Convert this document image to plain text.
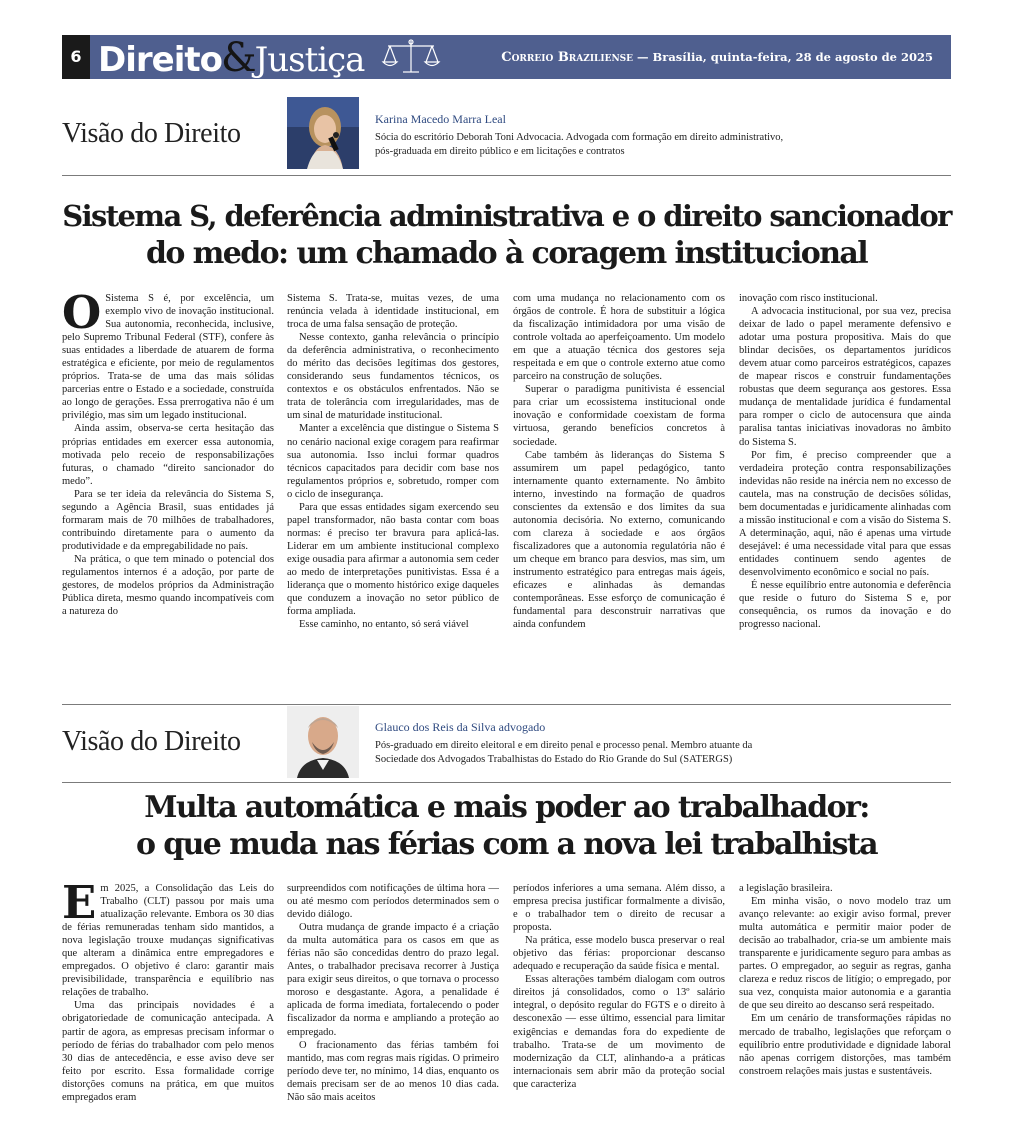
6 Direito&Justiça	Correio Braziliense — Brasília, quinta-feira, 28 de agosto de 2025
Visão do Direito	Karina Macedo Marra Leal
Sócia do escritório Deborah Toni Advocacia. Advogada com formação em direito administrativo, pós-graduada em direito público e em licitações e contratos
Sistema S, deferência administrativa e o direito sancionador
do medo: um chamado à coragem institucional
O Sistema S é, por excelência, um exemplo vivo de inovação institucional. Sua autonomia, reconhecida, inclusive, pelo Supremo Tribunal Federal (STF), confere às suas entidades a liberdade de atuarem de forma estratégica e eficiente, por meio de regulamentos próprios. Trata-se de uma das mais sólidas parcerias entre o Estado e a sociedade, construída ao longo de gerações. Essa prerrogativa não é um privilégio, mas sim um legado institucional.

Ainda assim, observa-se certa hesitação das próprias entidades em exercer essa autonomia, motivada pelo receio de responsabilizações futuras, o chamado “direito sancionador do medo”.

Para se ter ideia da relevância do Sistema S, segundo a Agência Brasil, suas entidades já formaram mais de 70 milhões de trabalhadores, contribuindo diretamente para o aumento da produtividade e da empregabilidade no país.

Na prática, o que tem minado o potencial dos regulamentos internos é a adoção, por parte de gestores, de modelos próprios da Administração Pública direta, mesmo quando incompatíveis com a natureza do

Sistema S. Trata-se, muitas vezes, de uma renúncia velada à identidade institucional, em troca de uma falsa sensação de proteção.

Nesse contexto, ganha relevância o princípio da deferência administrativa, o reconhecimento do mérito das decisões legítimas dos gestores, considerando seus fundamentos técnicos, os contextos e os obstáculos enfrentados. Não se trata de tolerância com irregularidades, mas de um sinal de maturidade institucional.

Manter a excelência que distingue o Sistema S no cenário nacional exige coragem para reafirmar sua autonomia. Isso inclui formar quadros técnicos capacitados para decidir com base nos regulamentos próprios e, sobretudo, romper com o ciclo de insegurança.

Para que essas entidades sigam exercendo seu papel transformador, não basta contar com boas normas: é preciso ter bravura para aplicá-las. Liderar em um ambiente institucional complexo exige ousadia para afirmar a autonomia sem ceder ao medo de interpretações punitivistas. Essa é a liderança que o momento histórico exige daqueles que conduzem a inovação no setor público de forma ampliada.

Esse caminho, no entanto, só será viável

com uma mudança no relacionamento com os órgãos de controle. É hora de substituir a lógica da fiscalização intimidadora por uma visão de controle voltada ao aperfeiçoamento. Um modelo em que a atuação técnica dos gestores seja respeitada e em que o controle externo atue como parceiro na construção de soluções.

Superar o paradigma punitivista é essencial para criar um ecossistema institucional onde inovação e conformidade coexistam de forma virtuosa, gerando benefícios concretos à sociedade.

Cabe também às lideranças do Sistema S assumirem um papel pedagógico, tanto internamente quanto externamente. No âmbito interno, investindo na formação de quadros conscientes da extensão e dos limites da sua autonomia decisória. No externo, comunicando com clareza à sociedade e aos órgãos fiscalizadores que a autonomia regulatória não é um cheque em branco para desvios, mas sim, um instrumento estratégico para entregas mais ágeis, eficazes e alinhadas às demandas contemporâneas. Esse esforço de comunicação é fundamental para desconstruir narrativas que ainda confundem

inovação com risco institucional.

A advocacia institucional, por sua vez, precisa deixar de lado o papel meramente defensivo e adotar uma postura propositiva. Mais do que blindar decisões, os departamentos jurídicos devem atuar como parceiros estratégicos, capazes de mapear riscos e construir fundamentações robustas que deem segurança aos gestores. Essa mudança de mentalidade jurídica é fundamental para romper o ciclo de autocensura que ainda paralisa tantas iniciativas inovadoras no âmbito do Sistema S.

Por fim, é preciso compreender que a verdadeira proteção contra responsabilizações indevidas não reside na inércia nem no excesso de cautela, mas na construção de decisões sólidas, bem documentadas e juridicamente alinhadas com a missão institucional e com a visão do Sistema S. A determinação, aqui, não é apenas uma virtude desejável: é uma necessidade vital para que essas entidades continuem sendo agentes de desenvolvimento econômico e social no país.

É nesse equilíbrio entre autonomia e deferência que reside o futuro do Sistema S e, por consequência, os rumos da inovação e do progresso nacional.

Visão do Direito	Glauco dos Reis da Silva advogado
Pós-graduado em direito eleitoral e em direito penal e processo penal. Membro atuante da Sociedade dos Advogados Trabalhistas do Estado do Rio Grande do Sul (SATERGS)
Multa automática e mais poder ao trabalhador:
o que muda nas férias com a nova lei trabalhista
E m 2025, a Consolidação das Leis do Trabalho (CLT) passou por mais uma atualização relevante. Embora os 30 dias de férias remuneradas tenham sido mantidos, a nova legislação trouxe mudanças significativas que alteram a dinâmica entre empregadores e empregados. O objetivo é claro: garantir mais previsibilidade, transparência e equilíbrio nas relações de trabalho.

Uma das principais novidades é a obrigatoriedade de comunicação antecipada. A partir de agora, as empresas precisam informar o período de férias do trabalhador com pelo menos 30 dias de antecedência, e esse aviso deve ser feito por escrito. Essa formalidade corrige distorções comuns na prática, em que muitos empregados eram

surpreendidos com notificações de última hora — ou até mesmo com períodos determinados sem o devido diálogo.

Outra mudança de grande impacto é a criação da multa automática para os casos em que as férias não são concedidas dentro do prazo legal. Antes, o trabalhador precisava recorrer à Justiça para exigir seus direitos, o que tornava o processo moroso e desgastante. Agora, a penalidade é aplicada de forma imediata, fortalecendo o poder fiscalizador da norma e ampliando a proteção ao empregado.

O fracionamento das férias também foi mantido, mas com regras mais rígidas. O primeiro período deve ter, no mínimo, 14 dias, enquanto os demais precisam ser de ao menos 10 dias cada. Não são mais aceitos

períodos inferiores a uma semana. Além disso, a empresa precisa justificar formalmente a divisão, e o trabalhador tem o direito de recusar a proposta.

Na prática, esse modelo busca preservar o real objetivo das férias: proporcionar descanso adequado e recuperação da saúde física e mental.

Essas alterações também dialogam com outros direitos já consolidados, como o 13º salário integral, o depósito regular do FGTS e o direito à desconexão — esse último, essencial para limitar exigências e demandas fora do expediente de trabalho. Trata-se de um movimento de modernização da CLT, alinhando-a a práticas internacionais sem abrir mão da proteção social que caracteriza

a legislação brasileira.

Em minha visão, o novo modelo traz um avanço relevante: ao exigir aviso formal, prever multa automática e permitir maior poder de decisão ao trabalhador, cria-se um ambiente mais transparente e juridicamente seguro para ambas as partes. O empregador, ao seguir as regras, ganha clareza e reduz riscos de litígio; o empregado, por sua vez, conquista maior autonomia e a garantia de que seu direito ao descanso será respeitado.

Em um cenário de transformações rápidas no mercado de trabalho, legislações que reforçam o equilíbrio entre produtividade e dignidade laboral não apenas corrigem distorções, mas também constroem relações mais justas e sustentáveis.
